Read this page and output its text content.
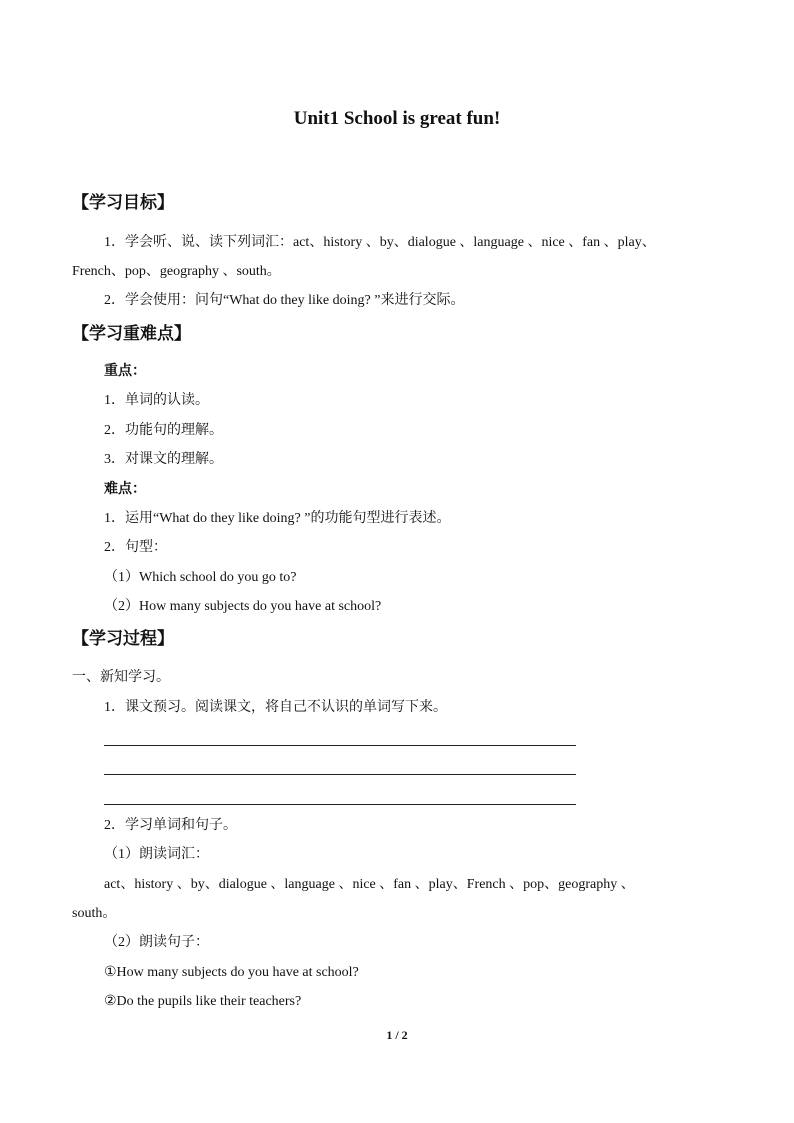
Unit1 School is great fun!
【学习目标】
1．学会听、说、读下列词汇：act、history 、by、dialogue 、language 、nice 、fan 、play、
French、pop、geography 、south。
2．学会使用：问句“What do they like doing? ”来进行交际。
【学习重难点】
重点：
1．单词的认读。
2．功能句的理解。
3．对课文的理解。
难点：
1．运用“What do they like doing? ”的功能句型进行表述。
2．句型：
（1）Which school do you go to?
（2）How many subjects do you have at school?
【学习过程】
一、新知学习。
1．课文预习。阅读课文，将自己不认识的单词写下来。
2．学习单词和句子。
（1）朗读词汇：
act、history 、by、dialogue 、language 、nice 、fan 、play、French 、pop、geography 、
south。
（2）朗读句子：
①How many subjects do you have at school?
②Do the pupils like their teachers?
1 / 2
